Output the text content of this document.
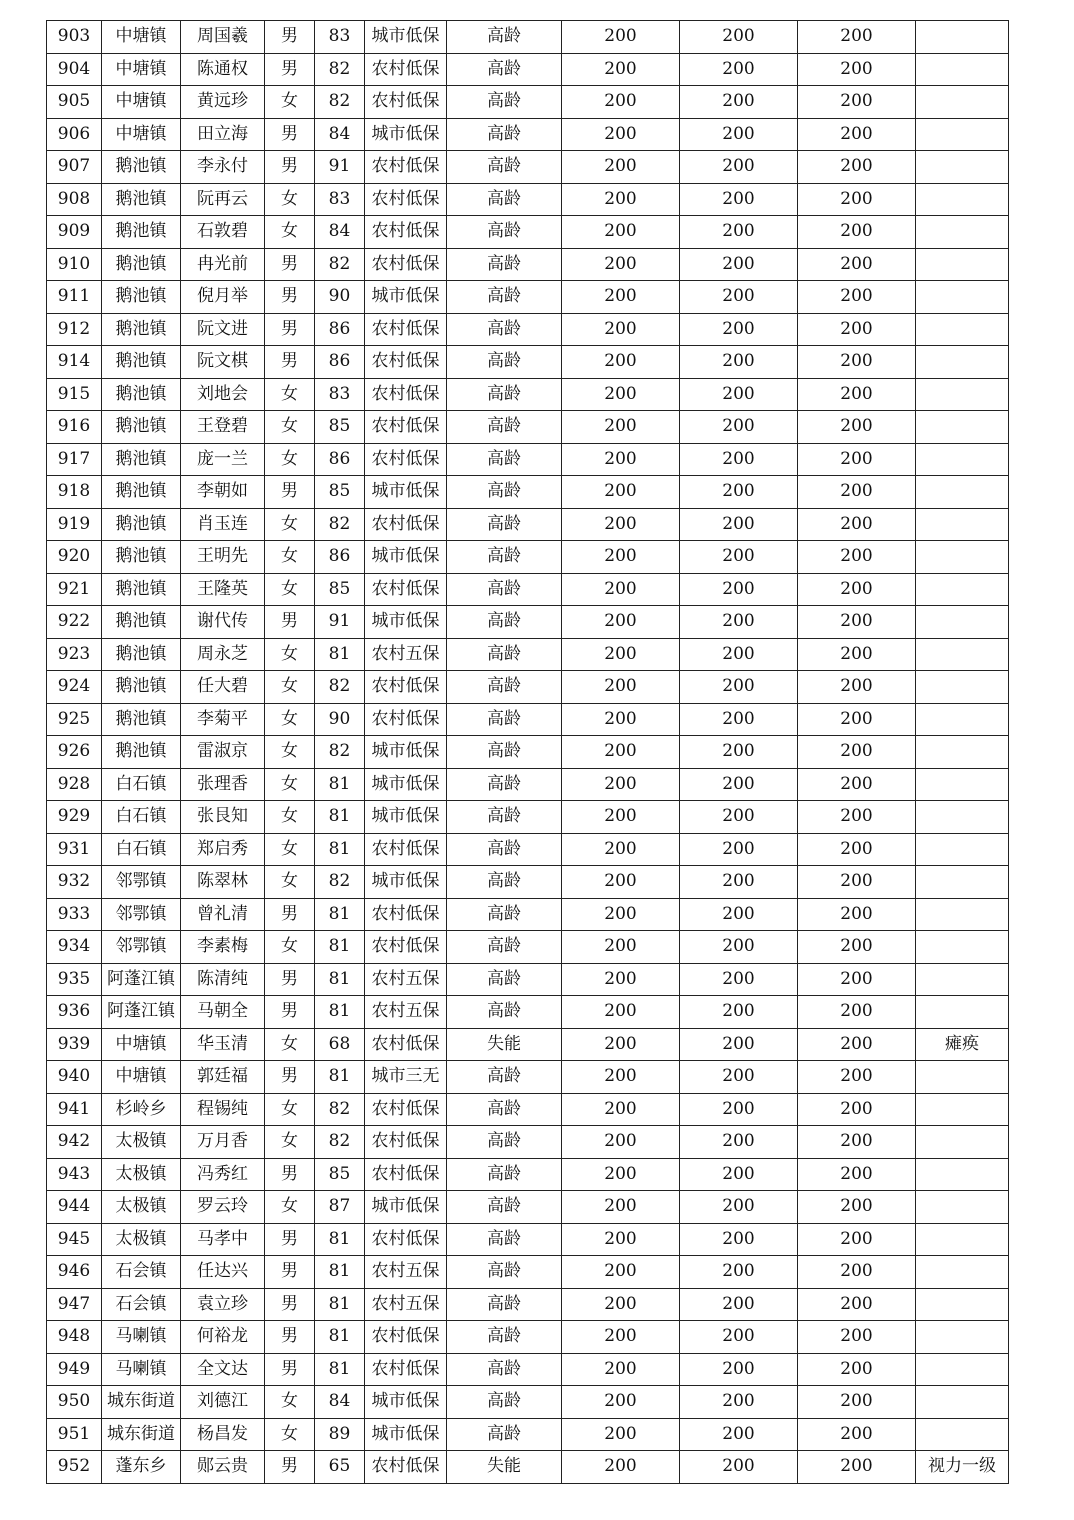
903	中塘镇	周国羲	男	83	城市低保	高龄	200	200	200	
904	中塘镇	陈通权	男	82	农村低保	高龄	200	200	200	
905	中塘镇	黄远珍	女	82	农村低保	高龄	200	200	200	
906	中塘镇	田立海	男	84	城市低保	高龄	200	200	200	
907	鹅池镇	李永付	男	91	农村低保	高龄	200	200	200	
908	鹅池镇	阮再云	女	83	农村低保	高龄	200	200	200	
909	鹅池镇	石敦碧	女	84	农村低保	高龄	200	200	200	
910	鹅池镇	冉光前	男	82	农村低保	高龄	200	200	200	
911	鹅池镇	倪月举	男	90	城市低保	高龄	200	200	200	
912	鹅池镇	阮文进	男	86	农村低保	高龄	200	200	200	
914	鹅池镇	阮文棋	男	86	农村低保	高龄	200	200	200	
915	鹅池镇	刘地会	女	83	农村低保	高龄	200	200	200	
916	鹅池镇	王登碧	女	85	农村低保	高龄	200	200	200	
917	鹅池镇	庞一兰	女	86	农村低保	高龄	200	200	200	
918	鹅池镇	李朝如	男	85	城市低保	高龄	200	200	200	
919	鹅池镇	肖玉连	女	82	农村低保	高龄	200	200	200	
920	鹅池镇	王明先	女	86	城市低保	高龄	200	200	200	
921	鹅池镇	王隆英	女	85	农村低保	高龄	200	200	200	
922	鹅池镇	谢代传	男	91	城市低保	高龄	200	200	200	
923	鹅池镇	周永芝	女	81	农村五保	高龄	200	200	200	
924	鹅池镇	任大碧	女	82	农村低保	高龄	200	200	200	
925	鹅池镇	李菊平	女	90	农村低保	高龄	200	200	200	
926	鹅池镇	雷淑京	女	82	城市低保	高龄	200	200	200	
928	白石镇	张理香	女	81	城市低保	高龄	200	200	200	
929	白石镇	张艮知	女	81	城市低保	高龄	200	200	200	
931	白石镇	郑启秀	女	81	农村低保	高龄	200	200	200	
932	邻鄂镇	陈翠林	女	82	城市低保	高龄	200	200	200	
933	邻鄂镇	曾礼清	男	81	农村低保	高龄	200	200	200	
934	邻鄂镇	李素梅	女	81	农村低保	高龄	200	200	200	
935	阿蓬江镇	陈清纯	男	81	农村五保	高龄	200	200	200	
936	阿蓬江镇	马朝全	男	81	农村五保	高龄	200	200	200	
939	中塘镇	华玉清	女	68	农村低保	失能	200	200	200	瘫痪
940	中塘镇	郭廷福	男	81	城市三无	高龄	200	200	200	
941	杉岭乡	程锡纯	女	82	农村低保	高龄	200	200	200	
942	太极镇	万月香	女	82	农村低保	高龄	200	200	200	
943	太极镇	冯秀红	男	85	农村低保	高龄	200	200	200	
944	太极镇	罗云玲	女	87	城市低保	高龄	200	200	200	
945	太极镇	马孝中	男	81	农村低保	高龄	200	200	200	
946	石会镇	任达兴	男	81	农村五保	高龄	200	200	200	
947	石会镇	袁立珍	男	81	农村五保	高龄	200	200	200	
948	马喇镇	何裕龙	男	81	农村低保	高龄	200	200	200	
949	马喇镇	全文达	男	81	农村低保	高龄	200	200	200	
950	城东街道	刘德江	女	84	城市低保	高龄	200	200	200	
951	城东街道	杨昌发	女	89	城市低保	高龄	200	200	200	
952	蓬东乡	郧云贵	男	65	农村低保	失能	200	200	200	视力一级
